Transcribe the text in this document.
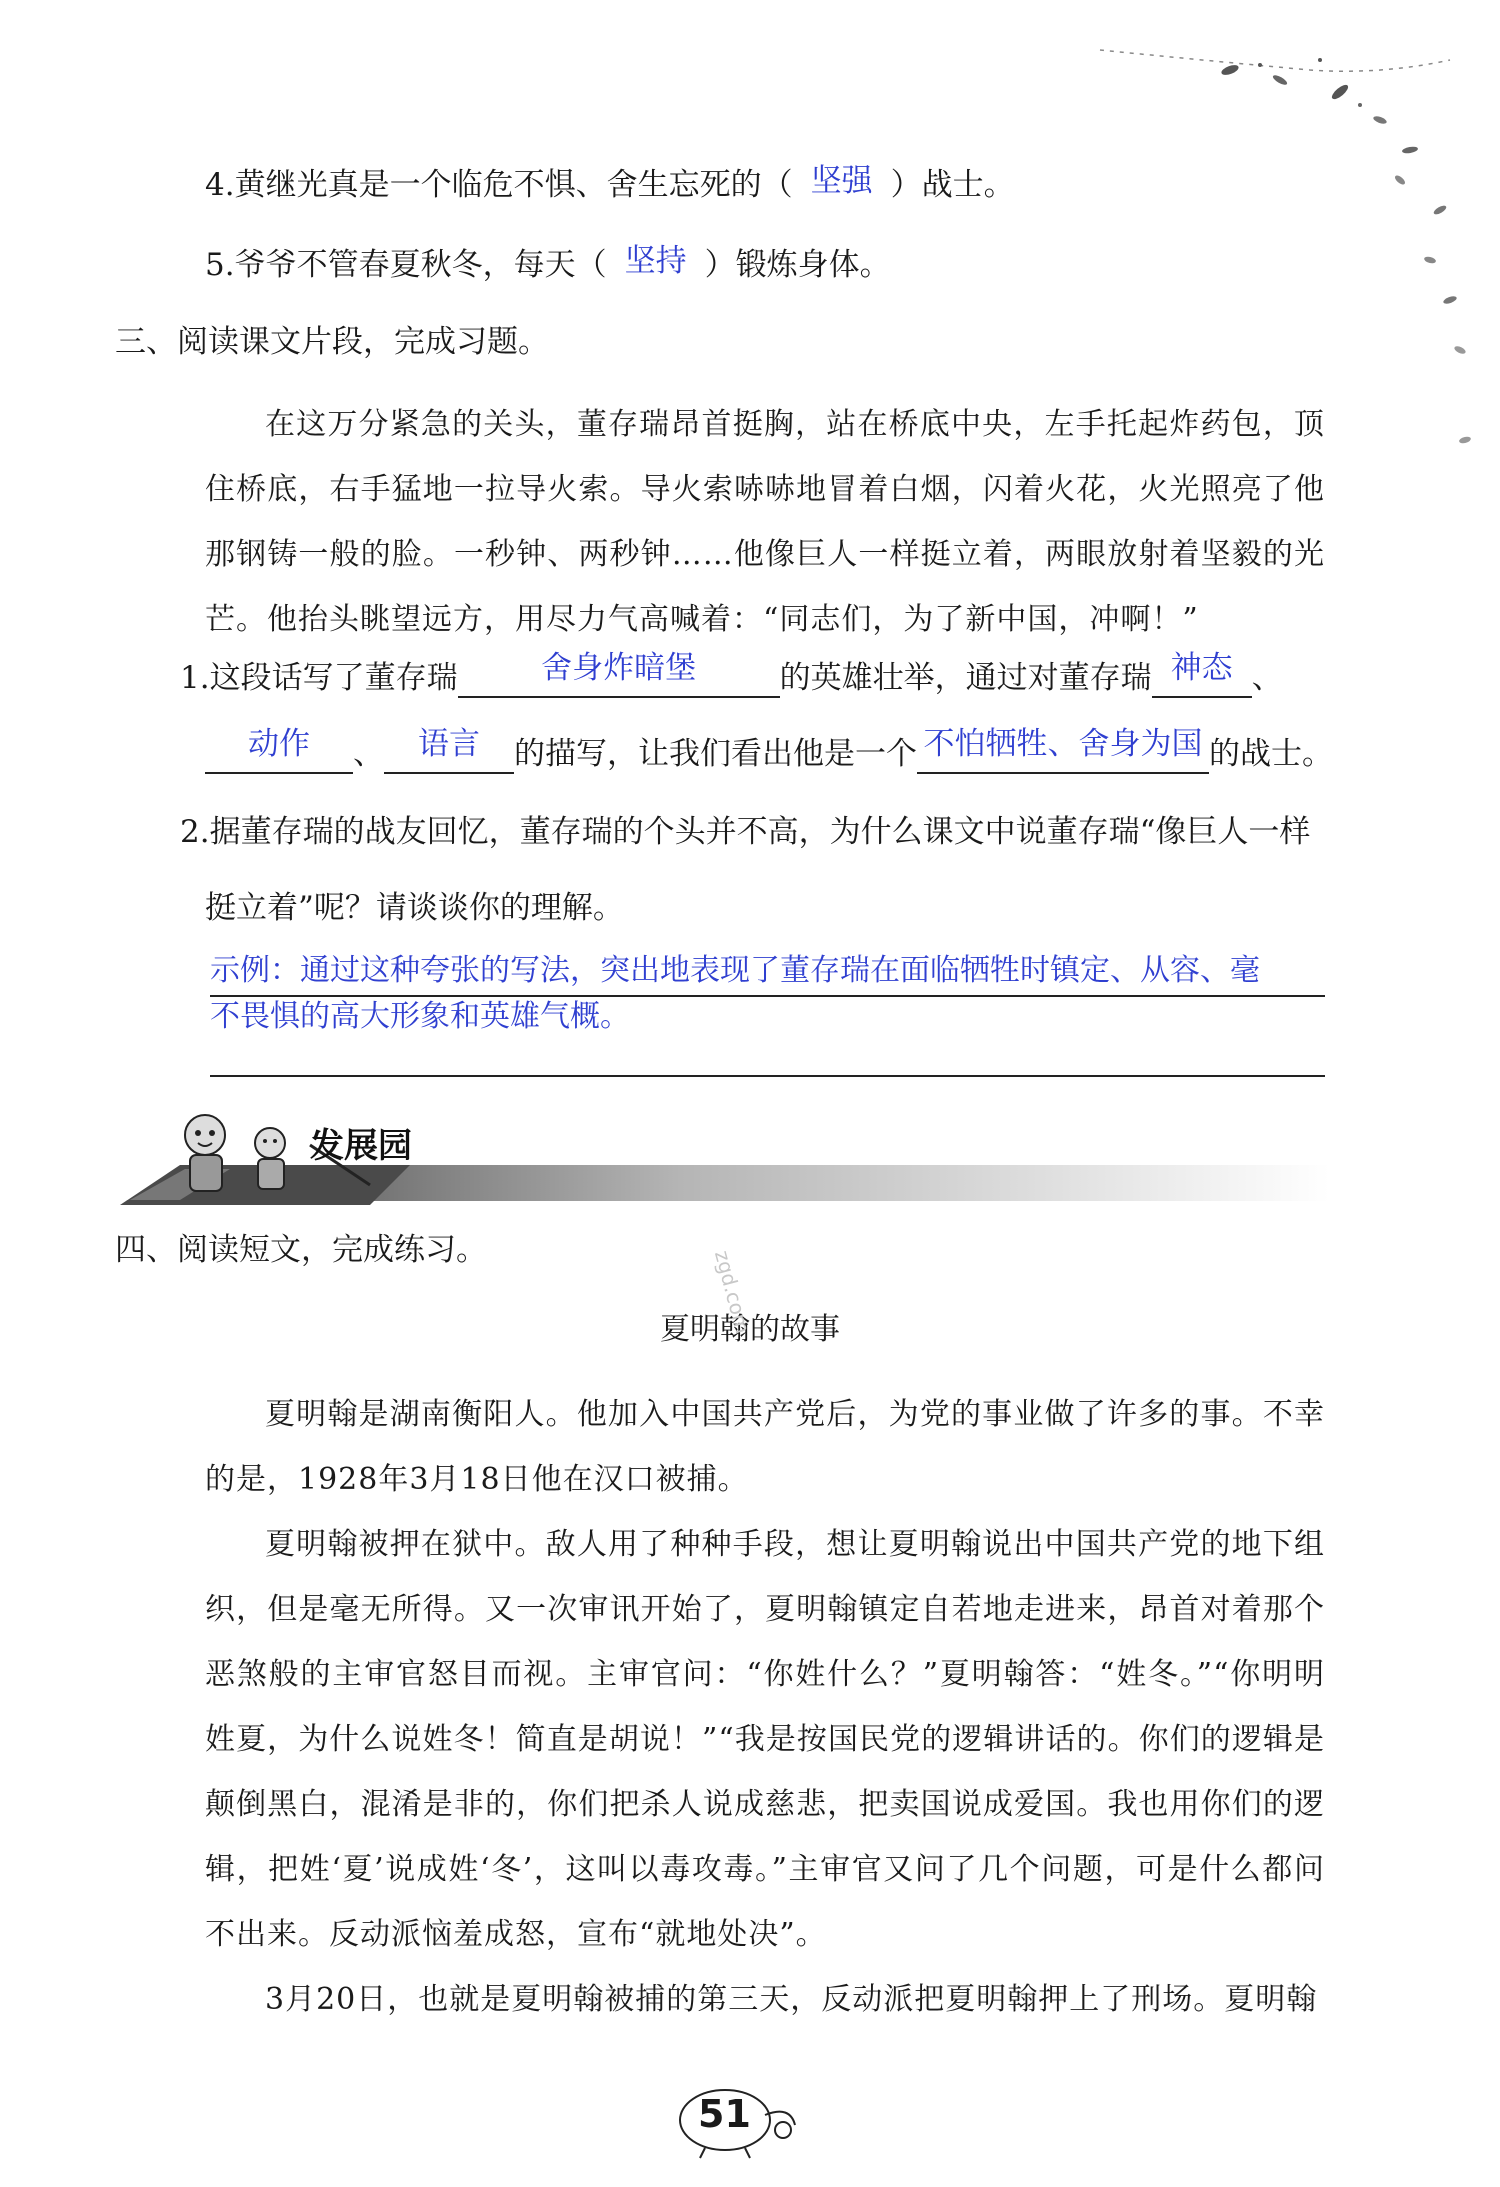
4.黄继光真是一个临危不惧、舍生忘死的（ 坚强 ）战士。
5.爷爷不管春夏秋冬，每天（ 坚持 ）锻炼身体。
三、阅读课文片段，完成习题。

在这万分紧急的关头，董存瑞昂首挺胸，站在桥底中央，左手托起炸药包，顶住桥底，右手猛地一拉导火索。导火索哧哧地冒着白烟，闪着火花，火光照亮了他那钢铸一般的脸。一秒钟、两秒钟……他像巨人一样挺立着，两眼放射着坚毅的光芒。他抬头眺望远方，用尽力气高喊着：“同志们，为了新中国，冲啊！”

1.这段话写了董存瑞	舍身炸暗堡	的英雄壮举，通过对董存瑞 神态 、
动作 、 语言 的描写，让我们看出他是一个 不怕牺牲、舍身为国 的战士。
2.据董存瑞的战友回忆，董存瑞的个头并不高，为什么课文中说董存瑞“像巨人一样
挺立着”呢？请谈谈你的理解。
示例：通过这种夸张的写法，突出地表现了董存瑞在面临牺牲时镇定、从容、毫
不畏惧的高大形象和英雄气概。
发展园
四、阅读短文，完成练习。
夏明翰的故事
zgd.com

夏明翰是湖南衡阳人。他加入中国共产党后，为党的事业做了许多的事。不幸的是，1928年3月18日他在汉口被捕。

夏明翰被押在狱中。敌人用了种种手段，想让夏明翰说出中国共产党的地下组织，但是毫无所得。又一次审讯开始了，夏明翰镇定自若地走进来，昂首对着那个恶煞般的主审官怒目而视。主审官问：“你姓什么？”夏明翰答：“姓冬。”“你明明姓夏，为什么说姓冬！简直是胡说！”“我是按国民党的逻辑讲话的。你们的逻辑是颠倒黑白，混淆是非的，你们把杀人说成慈悲，把卖国说成爱国。我也用你们的逻辑，把姓‘夏’说成姓‘冬’，这叫以毒攻毒。”主审官又问了几个问题，可是什么都问不出来。反动派恼羞成怒，宣布“就地处决”。

3月20日，也就是夏明翰被捕的第三天，反动派把夏明翰押上了刑场。夏明翰

51
